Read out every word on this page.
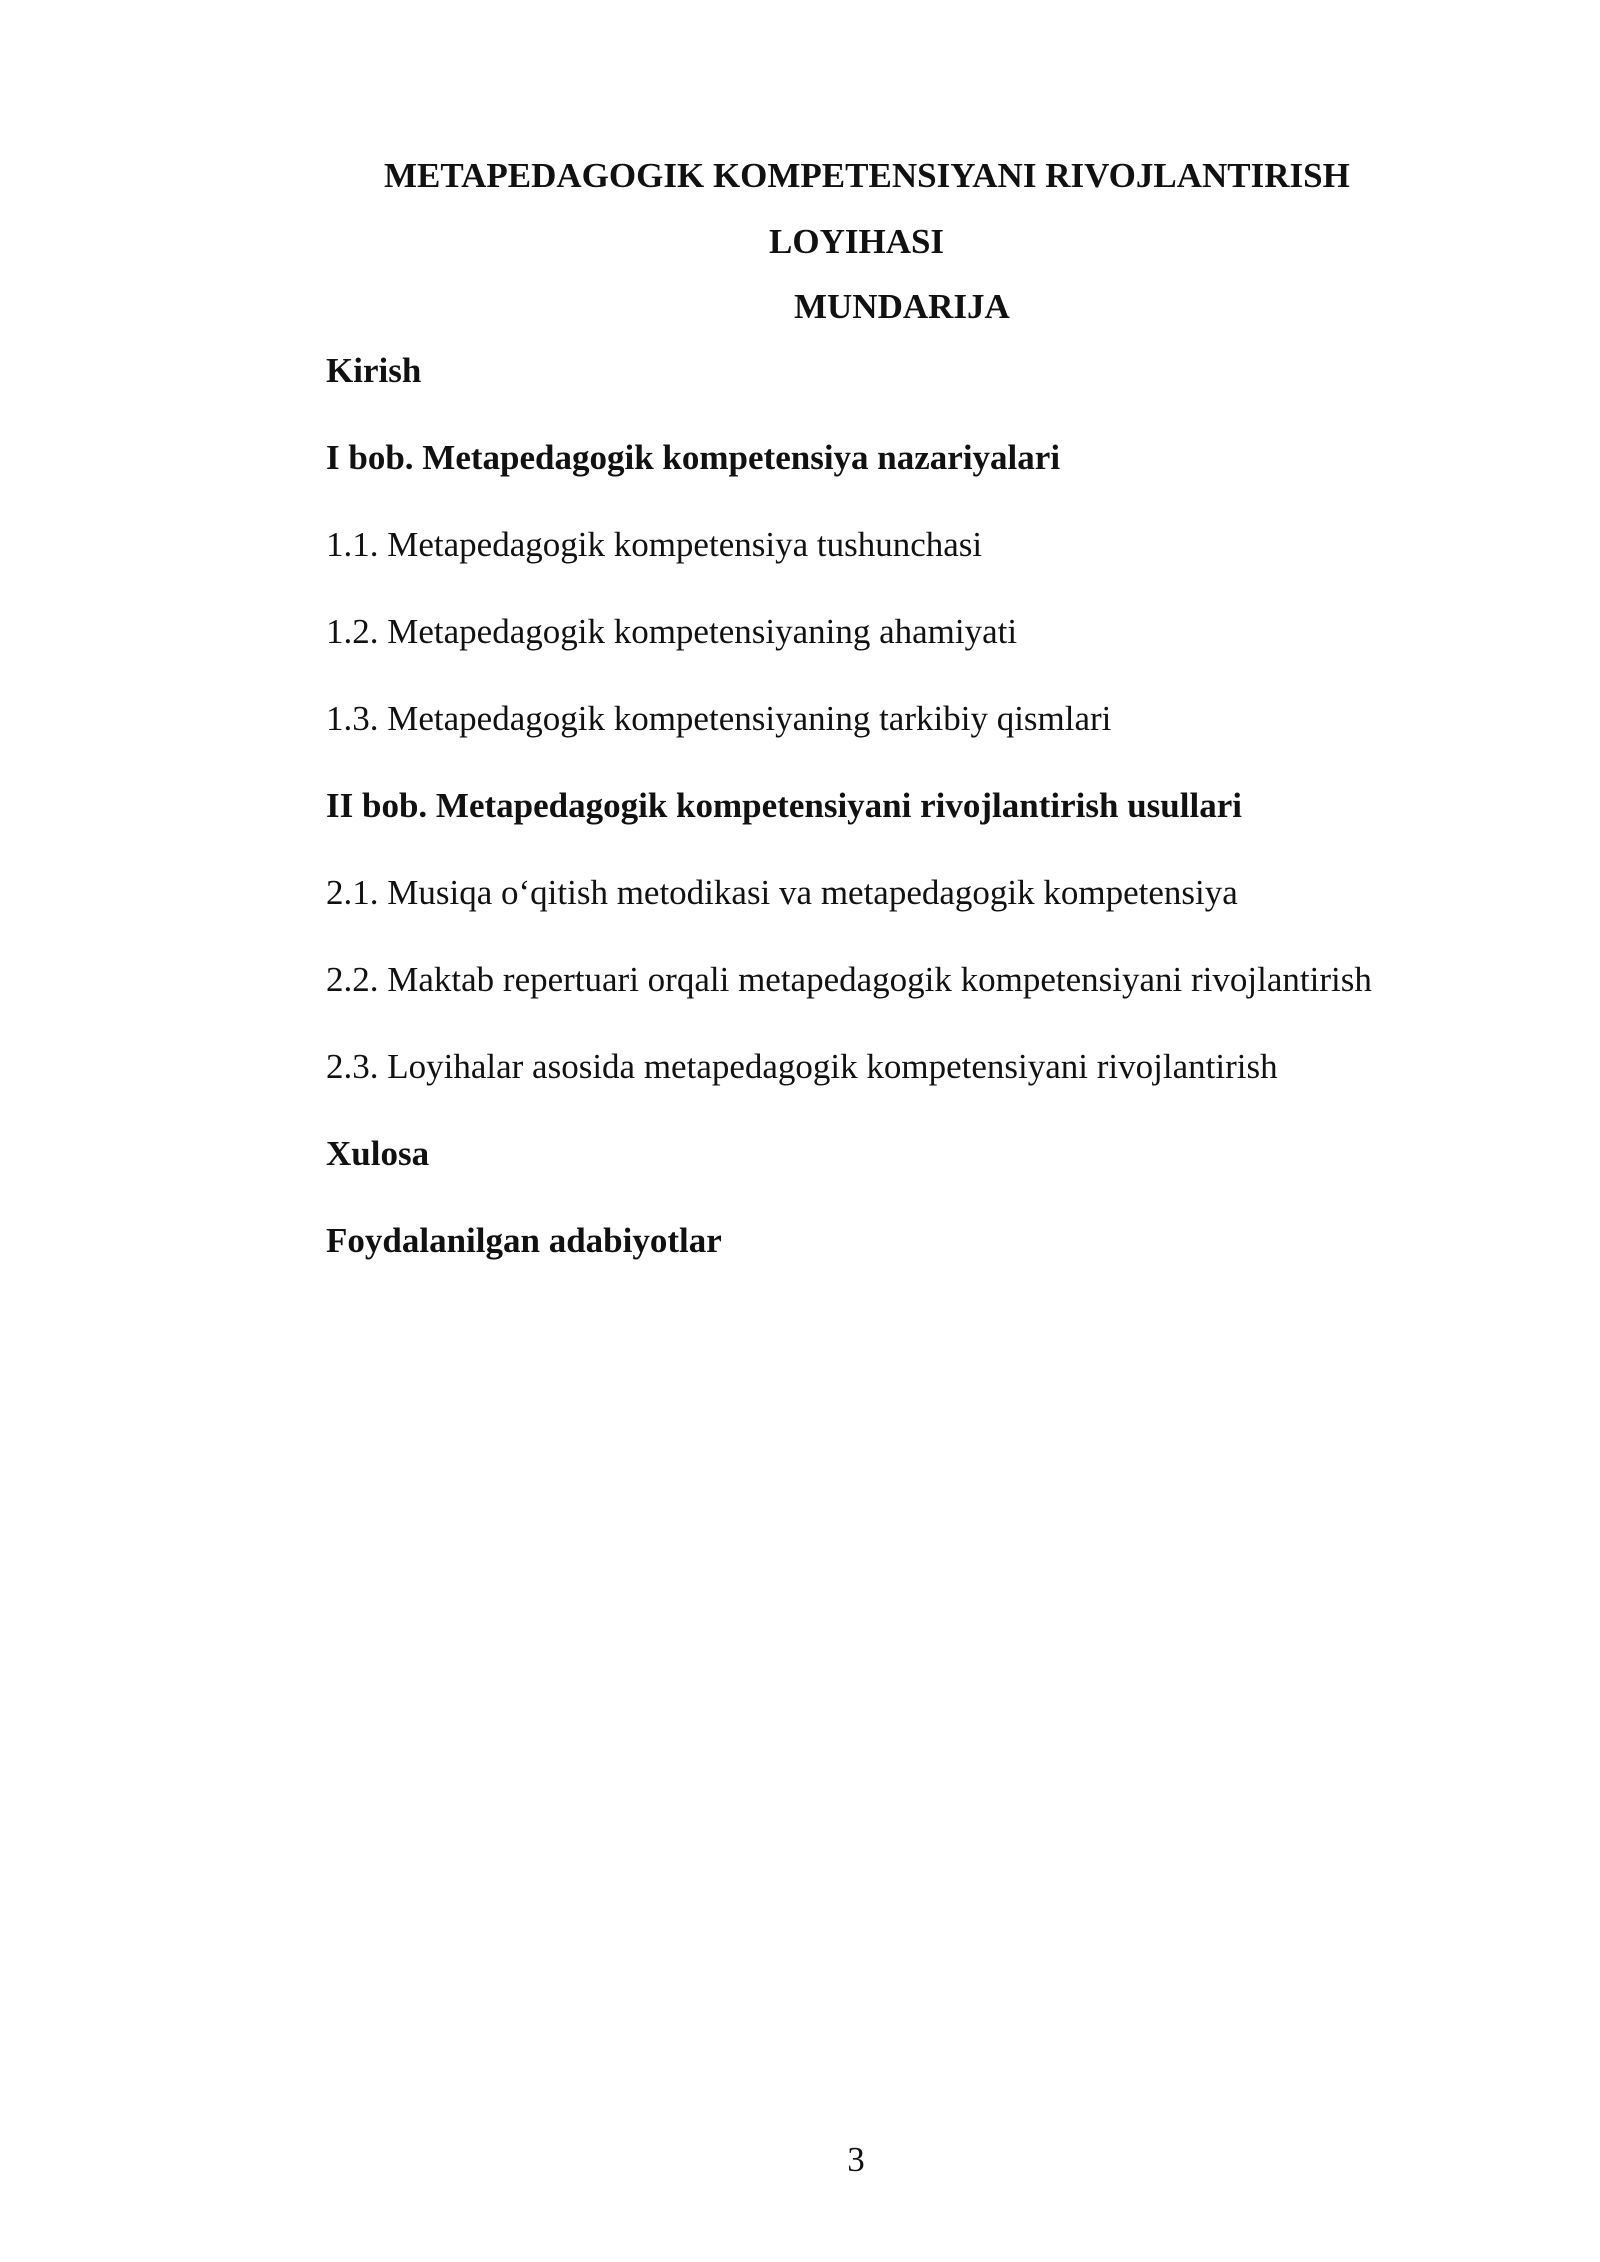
METAPEDAGOGIK KOMPETENSIYANI RIVOJLANTIRISH
LOYIHASI
MUNDARIJA
Kirish
I bob. Metapedagogik kompetensiya nazariyalari
1.1. Metapedagogik kompetensiya tushunchasi
1.2. Metapedagogik kompetensiyaning ahamiyati
1.3. Metapedagogik kompetensiyaning tarkibiy qismlari
II bob. Metapedagogik kompetensiyani rivojlantirish usullari
2.1. Musiqa o‘qitish metodikasi va metapedagogik kompetensiya
2.2. Maktab repertuari orqali metapedagogik kompetensiyani rivojlantirish
2.3. Loyihalar asosida metapedagogik kompetensiyani rivojlantirish
Xulosa
Foydalanilgan adabiyotlar
3
